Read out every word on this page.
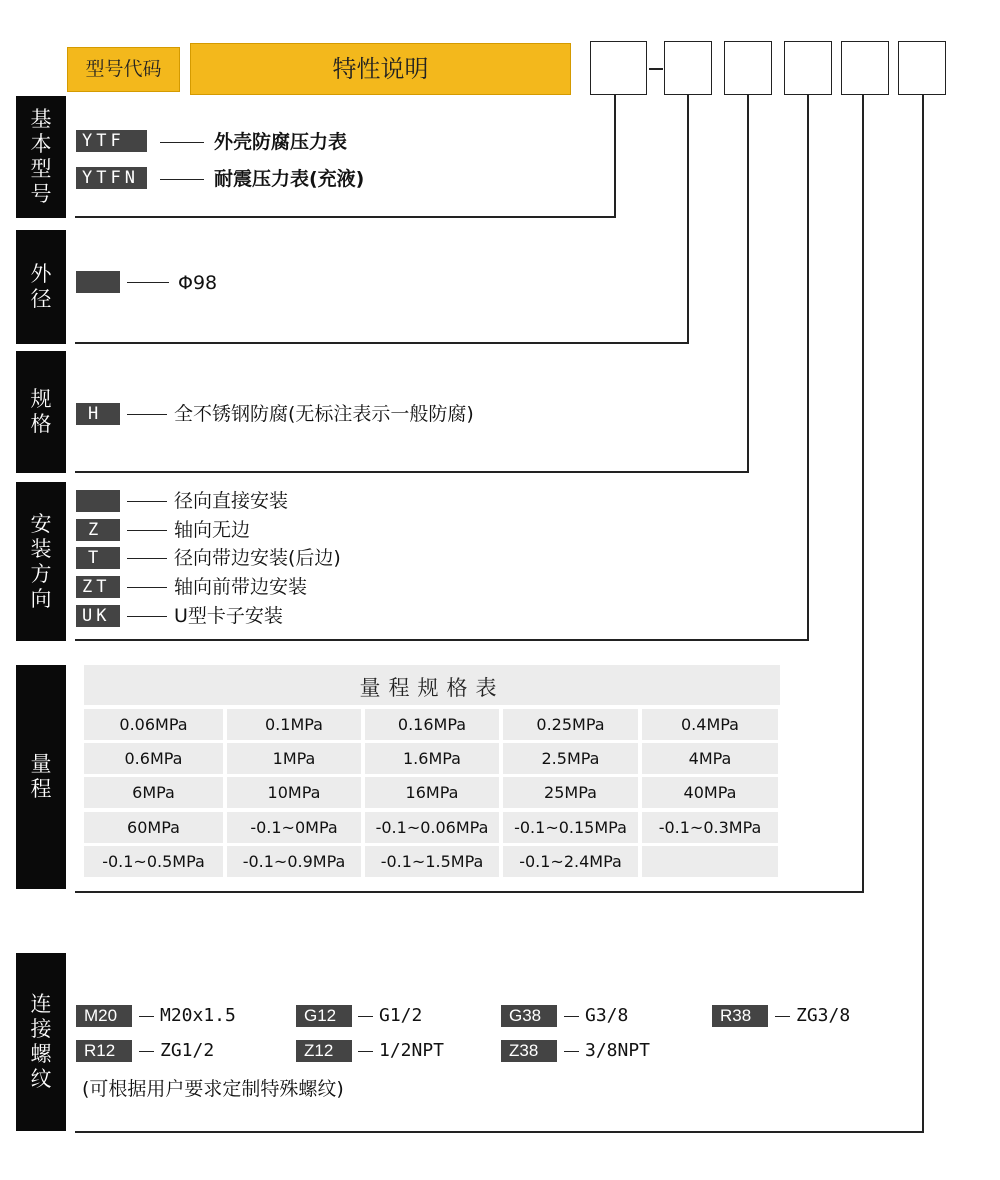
型号代码	特性说明
基
本
型
号
YTF	外壳防腐压力表
YTFN	耐震压力表(充液)
外
径
Φ98
规
格	H	全不锈钢防腐(无标注表示一般防腐)
安
装
方
向
径向直接安装
Z	轴向无边
T	径向带边安装(后边)
ZT	轴向前带边安装
UK	U型卡子安装
量
程
量程规格表
0.06MPa	0.1MPa	0.16MPa	0.25MPa	0.4MPa
0.6MPa	1MPa	1.6MPa	2.5MPa	4MPa
6MPa	10MPa	16MPa	25MPa	40MPa
60MPa	-0.1~0MPa	-0.1~0.06MPa	-0.1~0.15MPa	-0.1~0.3MPa
-0.1~0.5MPa	-0.1~0.9MPa	-0.1~1.5MPa	-0.1~2.4MPa
连
接
螺
纹
M20	M20x1.5	G12	G1/2	G38	G3/8	R38	ZG3/8
R12	ZG1/2	Z12	1/2NPT	Z38	3/8NPT
(可根据用户要求定制特殊螺纹)
